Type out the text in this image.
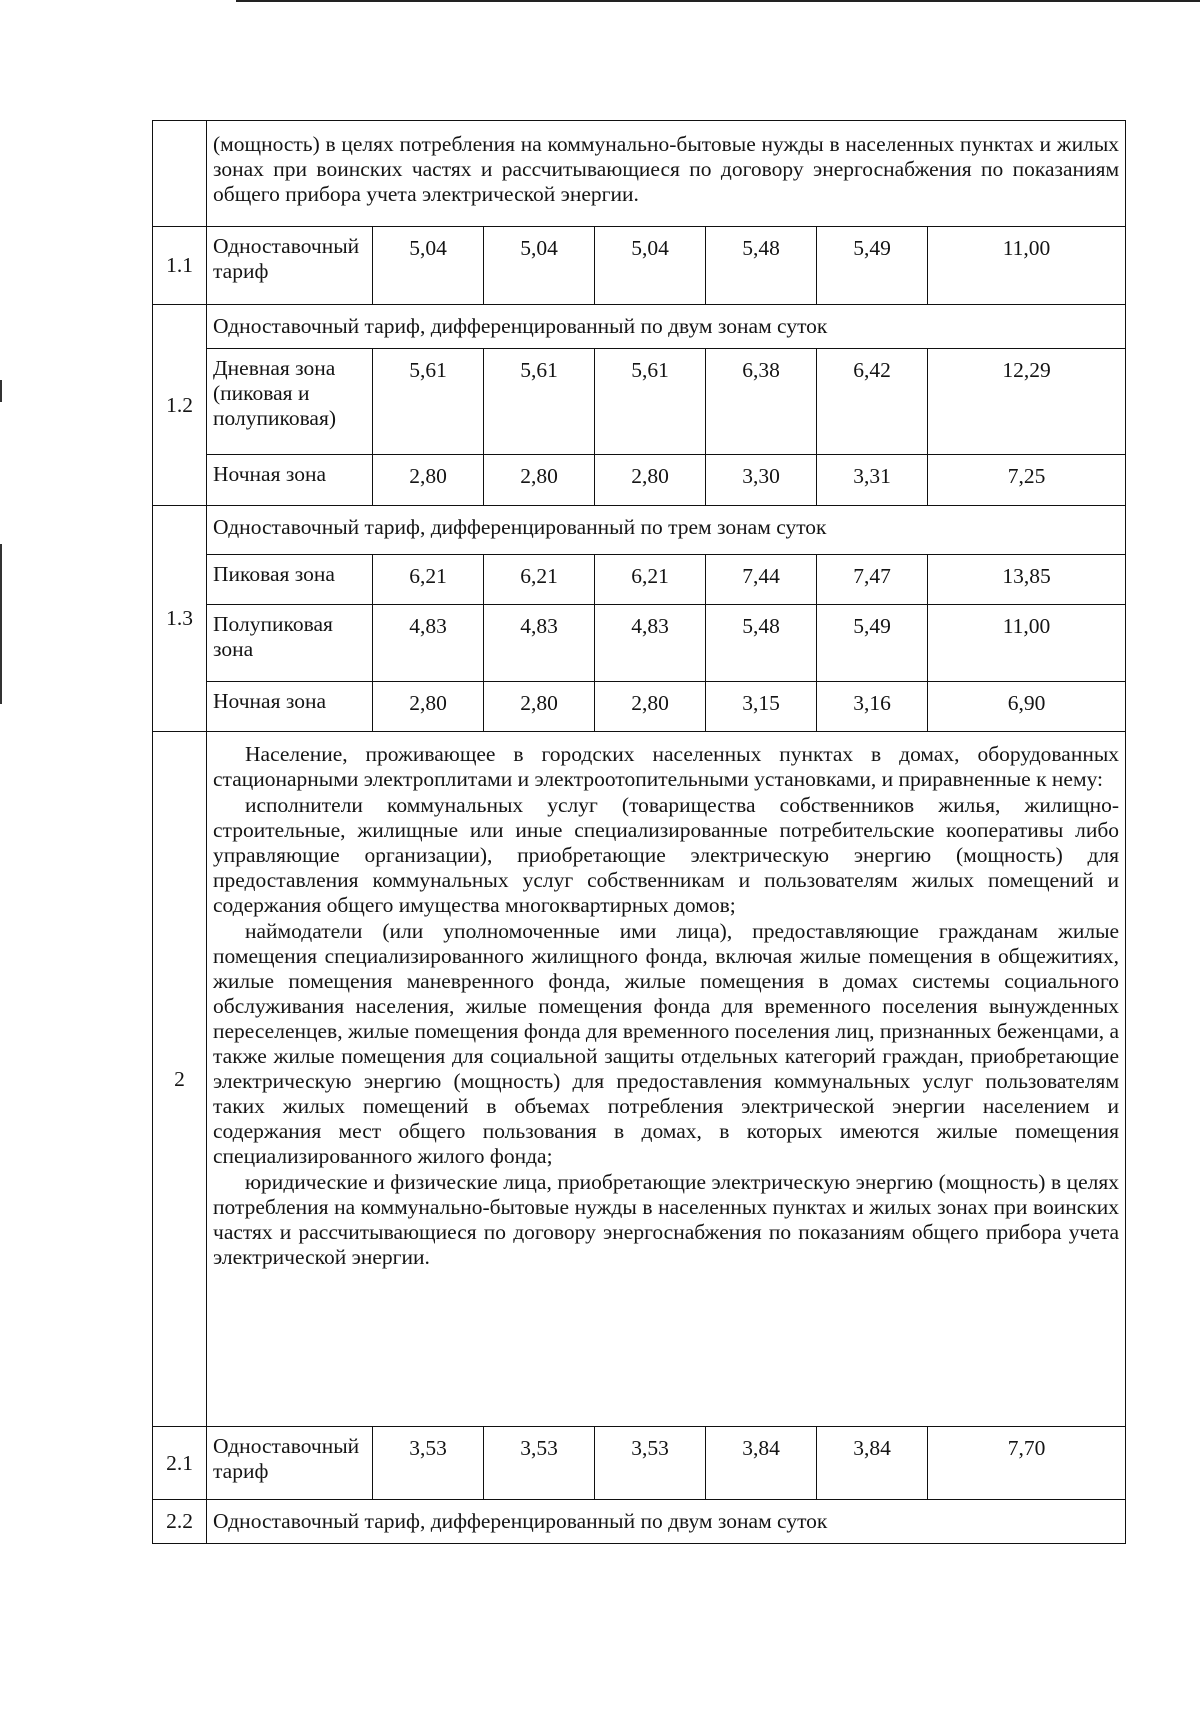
	(мощность) в целях потребления на коммунально-бытовые нужды в населенных пунктах и жилых зонах при воинских частях и рассчитывающиеся по договору энергоснабжения по показаниям общего прибора учета электрической энергии.						
1.1	Одноставочный тариф	5,04	5,04	5,04	5,48	5,49	11,00
1.2	Одноставочный тариф, дифференцированный по двум зонам суток						
	Дневная зона (пиковая и полупиковая)	5,61	5,61	5,61	6,38	6,42	12,29
	Ночная зона	2,80	2,80	2,80	3,30	3,31	7,25
1.3	Одноставочный тариф, дифференцированный по трем зонам суток						
	Пиковая зона	6,21	6,21	6,21	7,44	7,47	13,85
	Полупиковая зона	4,83	4,83	4,83	5,48	5,49	11,00
	Ночная зона	2,80	2,80	2,80	3,15	3,16	6,90
2	Население, проживающее в городских населенных пунктах в домах, оборудованных стационарными электроплитами и электроотопительными установками, и приравненные к нему:

исполнители коммунальных услуг (товарищества собственников жилья, жилищно-строительные, жилищные или иные специализированные потребительские кооперативы либо управляющие организации), приобретающие электрическую энергию (мощность) для предоставления коммунальных услуг собственникам и пользователям жилых помещений и содержания общего имущества многоквартирных домов;

наймодатели (или уполномоченные ими лица), предоставляющие гражданам жилые помещения специализированного жилищного фонда, включая жилые помещения в общежитиях, жилые помещения маневренного фонда, жилые помещения в домах системы социального обслуживания населения, жилые помещения фонда для временного поселения вынужденных переселенцев, жилые помещения фонда для временного поселения лиц, признанных беженцами, а также жилые помещения для социальной защиты отдельных категорий граждан, приобретающие электрическую энергию (мощность) для предоставления коммунальных услуг пользователям таких жилых помещений в объемах потребления электрической энергии населением и содержания мест общего пользования в домах, в которых имеются жилые помещения специализированного жилого фонда;

юридические и физические лица, приобретающие электрическую энергию (мощность) в целях потребления на коммунально-бытовые нужды в населенных пунктах и жилых зонах при воинских частях и рассчитывающиеся по договору энергоснабжения по показаниям общего прибора учета электрической энергии.						

2.1	Одноставочный тариф	3,53	3,53	3,53	3,84	3,84	7,70
2.2	Одноставочный тариф, дифференцированный по двум зонам суток						
